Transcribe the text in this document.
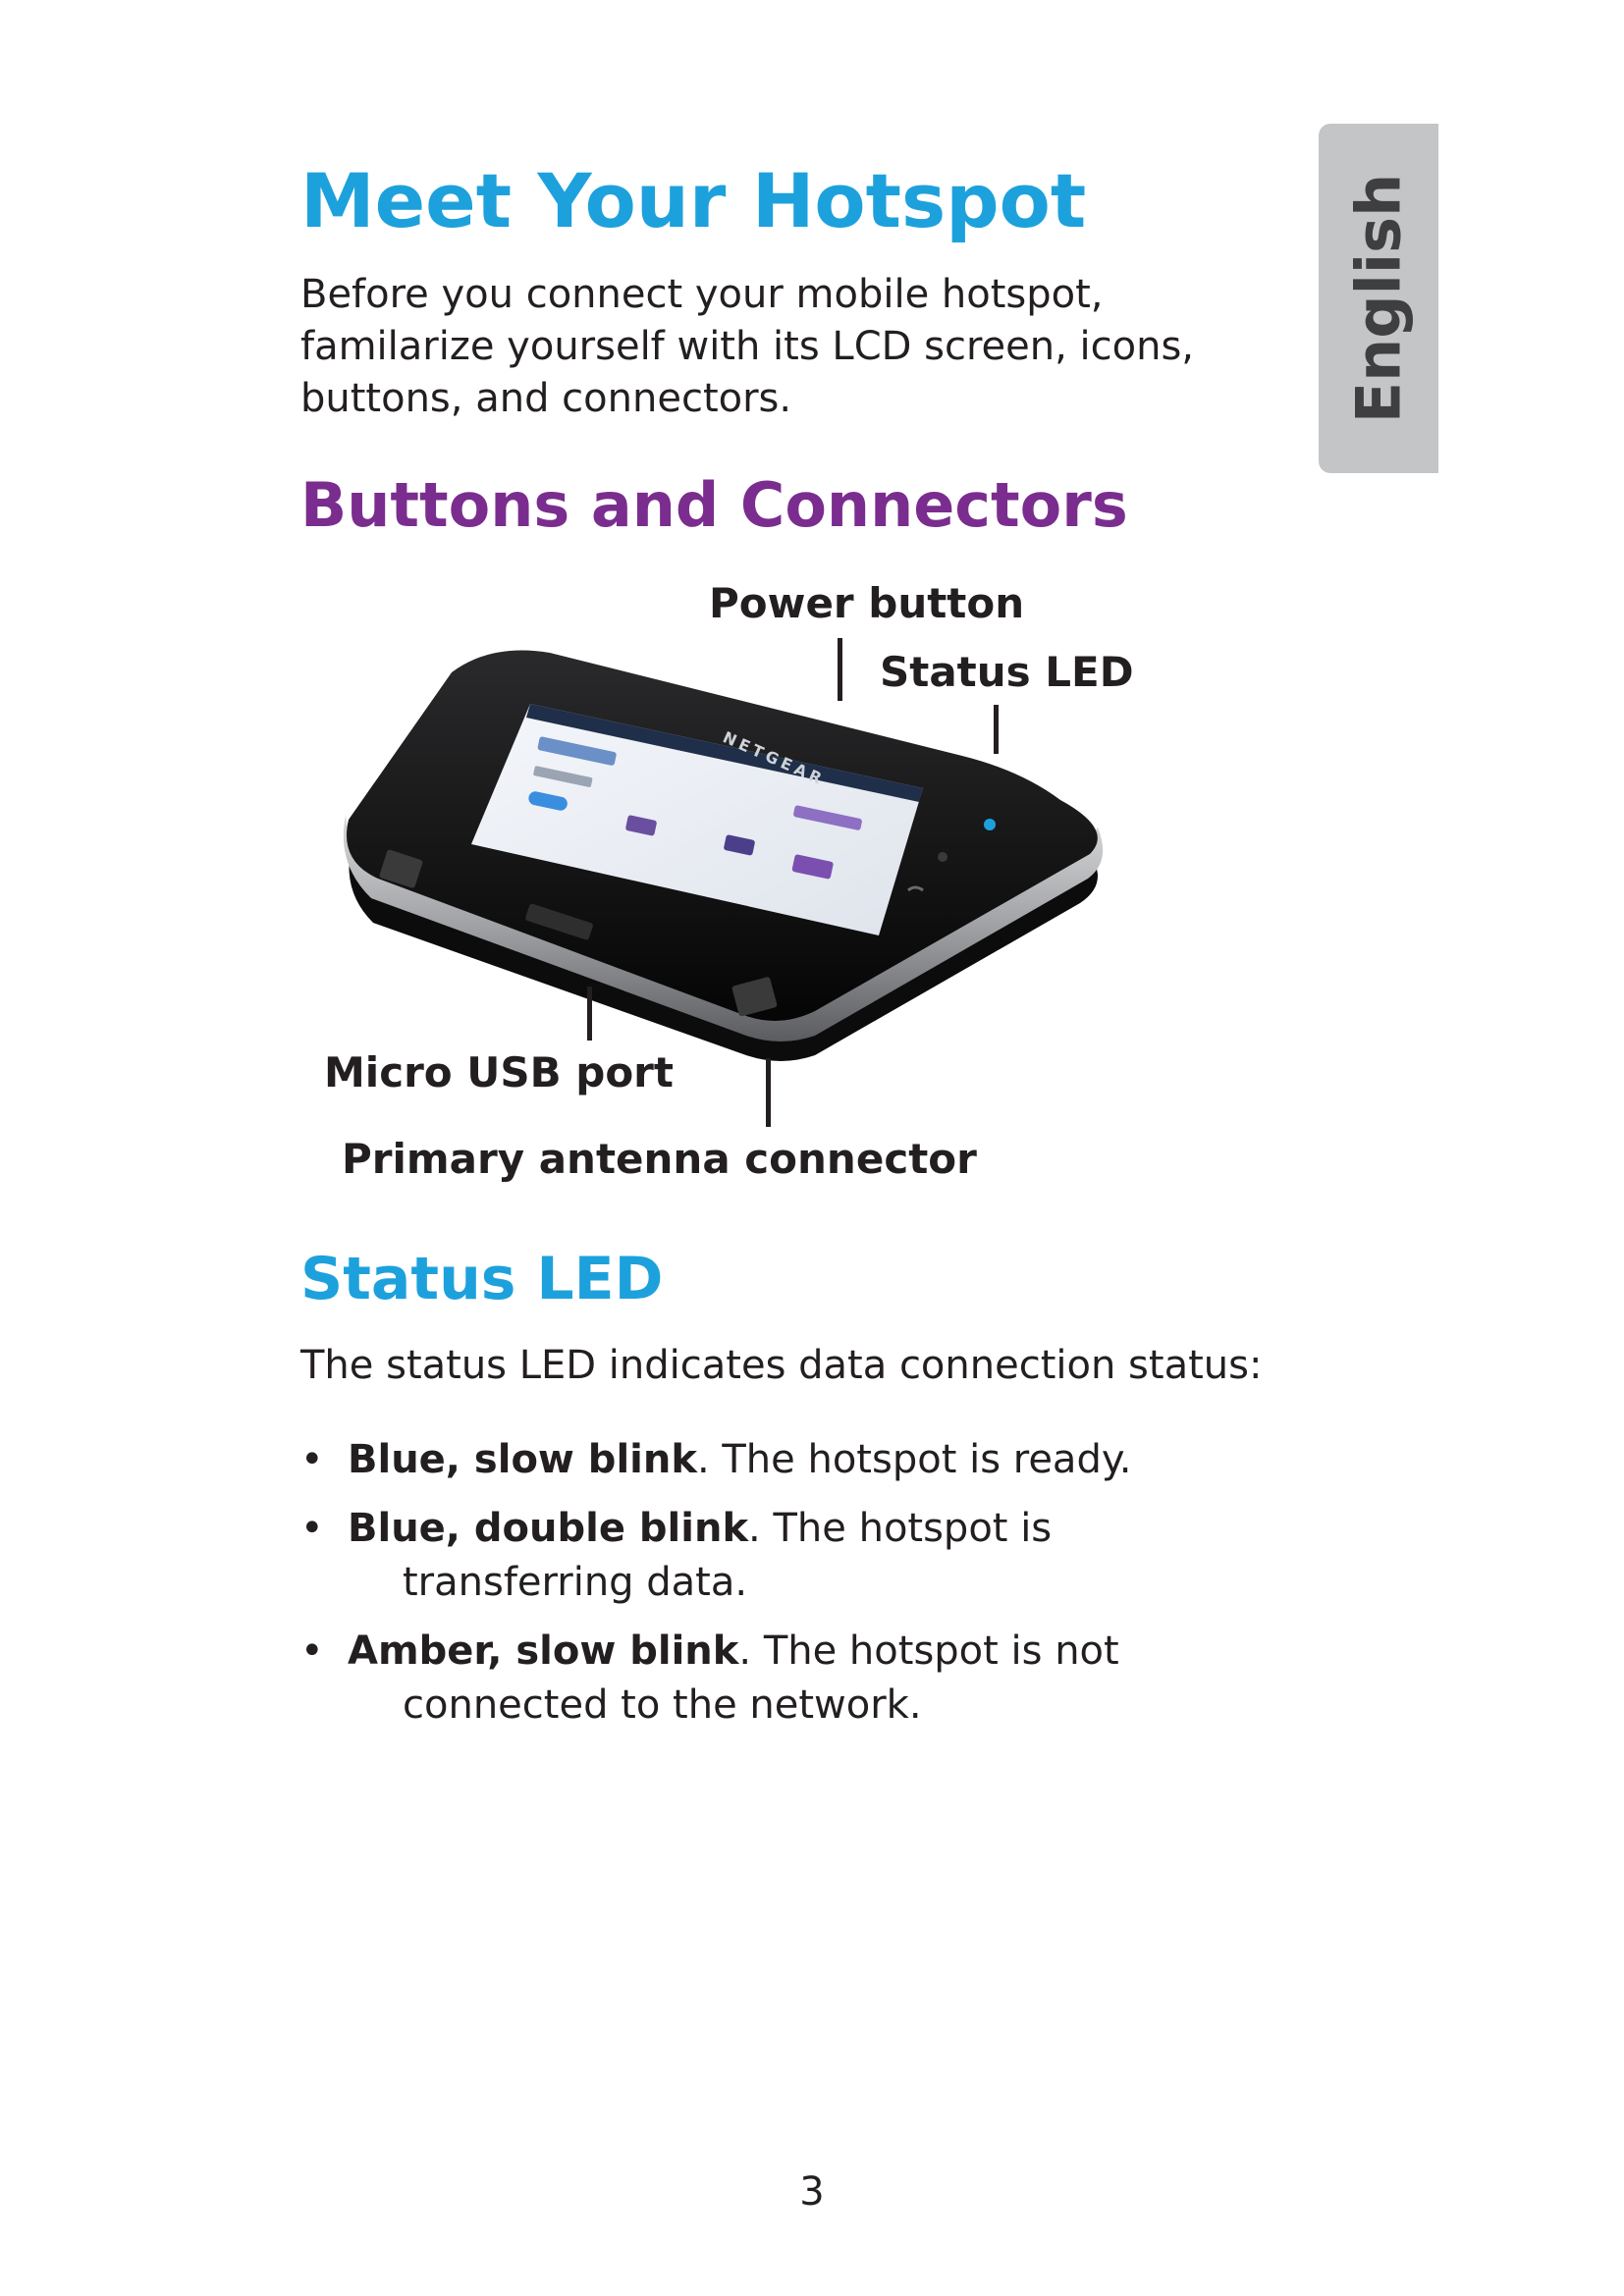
English
Meet Your Hotspot

Before you connect your mobile hotspot, familarize yourself with its LCD screen, icons, buttons, and connectors.

Buttons and Connectors
Power button
Status LED
NETGEAR
Micro USB port
Primary antenna connector
Status LED

The status LED indicates data connection status:

• Blue, slow blink. The hotspot is ready.
• Blue, double blink. The hotspot is transferring data.
• Amber, slow blink. The hotspot is not connected to the network.
3
